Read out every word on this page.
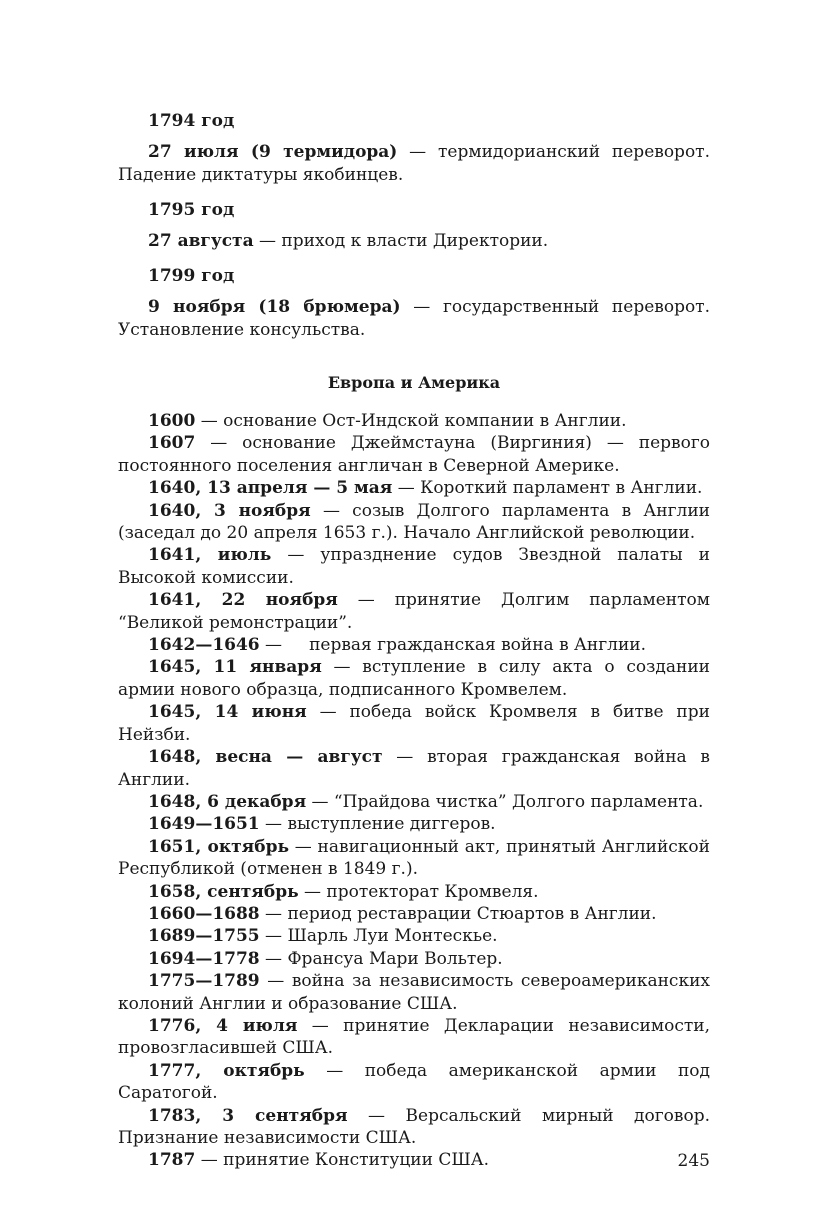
1794 год

27 июля (9 термидора) — термидорианский переворот. Падение диктатуры якобинцев.

1795 год

27 августа — приход к власти Директории.

1799 год

9 ноября (18 брюмера) — государственный переворот. Установление консульства.

Европа и Америка

1600 — основание Ост-Индской компании в Англии.

1607 — основание Джеймстауна (Виргиния) — первого постоянного поселения англичан в Северной Америке.

1640, 13 апреля — 5 мая — Короткий парламент в Англии.

1640, 3 ноября — созыв Долгого парламента в Англии (заседал до 20 апреля 1653 г.). Начало Английской революции.

1641, июль — упразднение судов Звездной палаты и Высокой комиссии.

1641, 22 ноября — принятие Долгим парламентом “Великой ремонстрации”.

1642—1646 —     первая гражданская война в Англии.

1645, 11 января — вступление в силу акта о создании армии нового образца, подписанного Кромвелем.

1645, 14 июня — победа войск Кромвеля в битве при Нейзби.

1648, весна — август — вторая гражданская война в Англии.

1648, 6 декабря — “Прайдова чистка” Долгого парламента.

1649—1651 — выступление диггеров.

1651, октябрь — навигационный акт, принятый Английской Республикой (отменен в 1849 г.).

1658, сентябрь — протекторат Кромвеля.

1660—1688 — период реставрации Стюартов в Англии.

1689—1755 — Шарль Луи Монтескье.

1694—1778 — Франсуа Мари Вольтер.

1775—1789 — война за независимость североамериканских колоний Англии и образование США.

1776, 4 июля — принятие Декларации независимости, провозгласившей США.

1777, октябрь — победа американской армии под Саратогой.

1783, 3 сентября — Версальский мирный договор. Признание независимости США.

1787 — принятие Конституции США.	245
